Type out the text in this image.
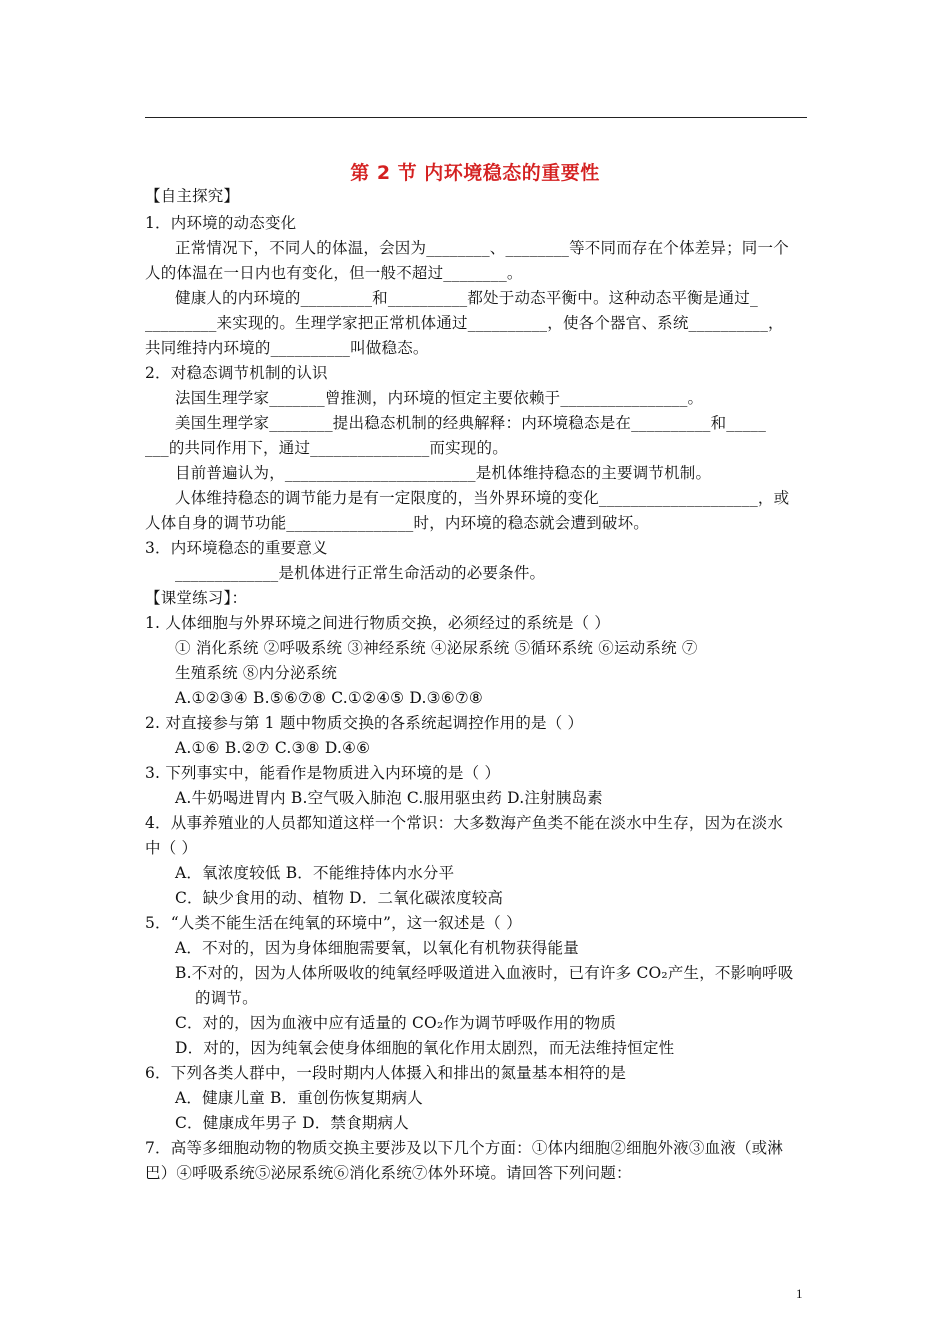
第 2 节 内环境稳态的重要性
【自主探究】
1．内环境的动态变化
正常情况下，不同人的体温，会因为________、________等不同而存在个体差异；同一个
人的体温在一日内也有变化，但一般不超过________。
健康人的内环境的_________和__________都处于动态平衡中。这种动态平衡是通过_
_________来实现的。生理学家把正常机体通过__________，使各个器官、系统__________，
共同维持内环境的__________叫做稳态。
2．对稳态调节机制的认识
法国生理学家_______曾推测，内环境的恒定主要依赖于________________。
美国生理学家________提出稳态机制的经典解释：内环境稳态是在__________和_____
___的共同作用下，通过_______________而实现的。
目前普遍认为，________________________是机体维持稳态的主要调节机制。
人体维持稳态的调节能力是有一定限度的，当外界环境的变化____________________，或
人体自身的调节功能________________时，内环境的稳态就会遭到破坏。
3．内环境稳态的重要意义
_____________是机体进行正常生命活动的必要条件。
【课堂练习】：
1. 人体细胞与外界环境之间进行物质交换，必须经过的系统是（ ）
① 消化系统 ②呼吸系统 ③神经系统 ④泌尿系统 ⑤循环系统 ⑥运动系统 ⑦
生殖系统 ⑧内分泌系统
A.①②③④ B.⑤⑥⑦⑧ C.①②④⑤ D.③⑥⑦⑧
2. 对直接参与第 1 题中物质交换的各系统起调控作用的是（ ）
A.①⑥ B.②⑦ C.③⑧ D.④⑥
3. 下列事实中，能看作是物质进入内环境的是（ ）
A.牛奶喝进胃内 B.空气吸入肺泡 C.服用驱虫药 D.注射胰岛素
4．从事养殖业的人员都知道这样一个常识：大多数海产鱼类不能在淡水中生存，因为在淡水
中（ ）
A．氧浓度较低 B．不能维持体内水分平
C．缺少食用的动、植物 D．二氧化碳浓度较高
5．“人类不能生活在纯氧的环境中”，这一叙述是（ ）
A．不对的，因为身体细胞需要氧，以氧化有机物获得能量
B.不对的，因为人体所吸收的纯氧经呼吸道进入血液时，已有许多 CO₂产生，不影响呼吸
的调节。
C．对的，因为血液中应有适量的 CO₂作为调节呼吸作用的物质
D．对的，因为纯氧会使身体细胞的氧化作用太剧烈，而无法维持恒定性
6．下列各类人群中，一段时期内人体摄入和排出的氮量基本相符的是
A．健康儿童 B．重创伤恢复期病人
C．健康成年男子 D．禁食期病人
7．高等多细胞动物的物质交换主要涉及以下几个方面：①体内细胞②细胞外液③血液（或淋
巴）④呼吸系统⑤泌尿系统⑥消化系统⑦体外环境。请回答下列问题：
1
